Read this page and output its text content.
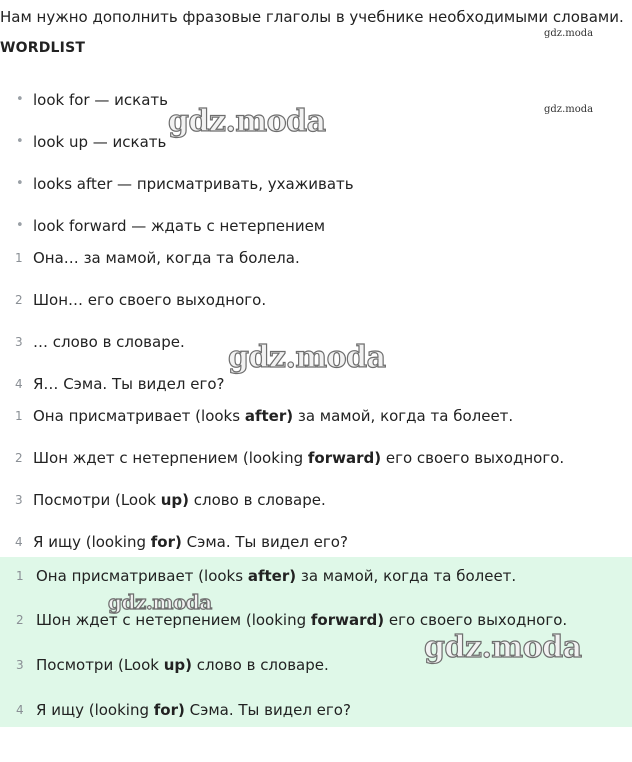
Нам нужно дополнить фразовые глаголы в учебнике необходимыми словами.
WORDLIST
• look for — искать
• look up — искать
• looks after — присматривать, ухаживать
• look forward — ждать с нетерпением
1 Она… за мамой, когда та болела.
2 Шон… его своего выходного.
3 … слово в словаре.
4 Я… Сэма. Ты видел его?
1 Она присматривает (looks after) за мамой, когда та болеет.
2 Шон ждет с нетерпением (looking forward) его своего выходного.
3 Посмотри (Look up) слово в словаре.
4 Я ищу (looking for) Сэма. Ты видел его?
1 Она присматривает (looks after) за мамой, когда та болеет.
2 Шон ждет с нетерпением (looking forward) его своего выходного.
3 Посмотри (Look up) слово в словаре.
4 Я ищу (looking for) Сэма. Ты видел его?
gdz.moda
gdz.moda
gdz.moda
gdz.moda
gdz.moda
gdz.moda
